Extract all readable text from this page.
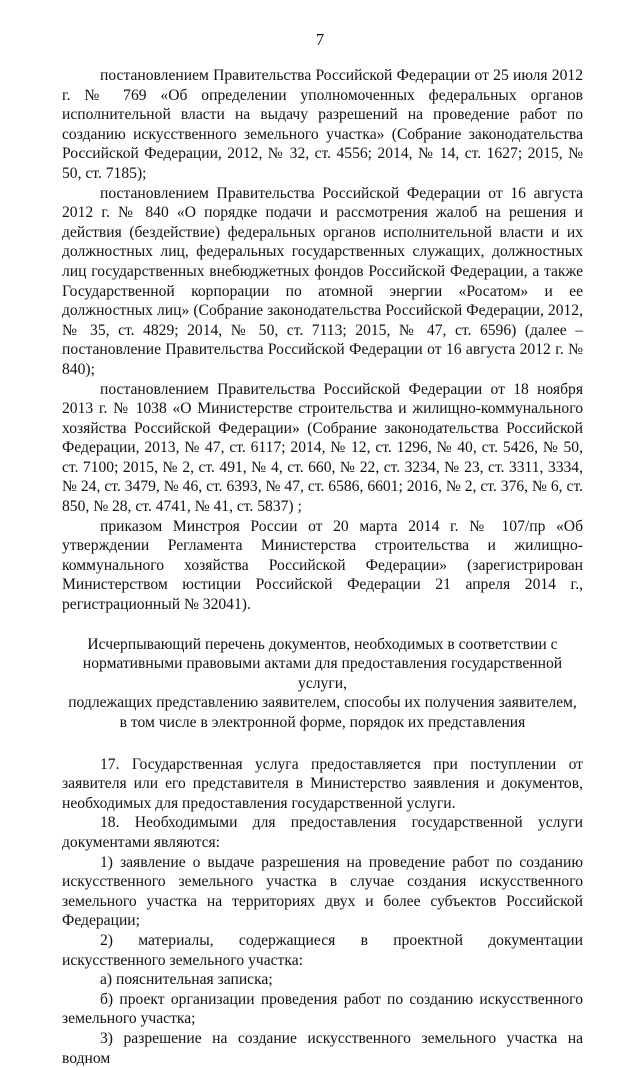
7

постановлением Правительства Российской Федерации от 25 июля 2012 г. № 769 «Об определении уполномоченных федеральных органов исполнительной власти на выдачу разрешений на проведение работ по созданию искусственного земельного участка» (Собрание законодательства Российской Федерации, 2012, № 32, ст. 4556; 2014, № 14, ст. 1627; 2015, № 50, ст. 7185);

постановлением Правительства Российской Федерации от 16 августа 2012 г. № 840 «О порядке подачи и рассмотрения жалоб на решения и действия (бездействие) федеральных органов исполнительной власти и их должностных лиц, федеральных государственных служащих, должностных лиц государственных внебюджетных фондов Российской Федерации, а также Государственной корпорации по атомной энергии «Росатом» и ее должностных лиц» (Собрание законодательства Российской Федерации, 2012, № 35, ст. 4829; 2014, № 50, ст. 7113; 2015, № 47, ст. 6596) (далее – постановление Правительства Российской Федерации от 16 августа 2012 г. № 840);

постановлением Правительства Российской Федерации от 18 ноября 2013 г. № 1038 «О Министерстве строительства и жилищно-коммунального хозяйства Российской Федерации» (Собрание законодательства Российской Федерации, 2013, № 47, ст. 6117; 2014, № 12, ст. 1296, № 40, ст. 5426, № 50, ст. 7100; 2015, № 2, ст. 491, № 4, ст. 660, № 22, ст. 3234, № 23, ст. 3311, 3334, № 24, ст. 3479, № 46, ст. 6393, № 47, ст. 6586, 6601; 2016, № 2, ст. 376, № 6, ст. 850, № 28, ст. 4741, № 41, ст. 5837) ;

приказом Минстроя России от 20 марта 2014 г. № 107/пр «Об утверждении Регламента Министерства строительства и жилищно-коммунального хозяйства Российской Федерации» (зарегистрирован Министерством юстиции Российской Федерации 21 апреля 2014 г., регистрационный № 32041).

Исчерпывающий перечень документов, необходимых в соответствии с
нормативными правовыми актами для предоставления государственной услуги,
подлежащих представлению заявителем, способы их получения заявителем,
в том числе в электронной форме, порядок их представления

17. Государственная услуга предоставляется при поступлении от заявителя или его представителя в Министерство заявления и документов, необходимых для предоставления государственной услуги.

18. Необходимыми для предоставления государственной услуги документами являются:

1) заявление о выдаче разрешения на проведение работ по созданию искусственного земельного участка в случае создания искусственного земельного участка на территориях двух и более субъектов Российской Федерации;

2) материалы, содержащиеся в проектной документации искусственного земельного участка:

а) пояснительная записка;

б) проект организации проведения работ по созданию искусственного земельного участка;

3) разрешение на создание искусственного земельного участка на водном
